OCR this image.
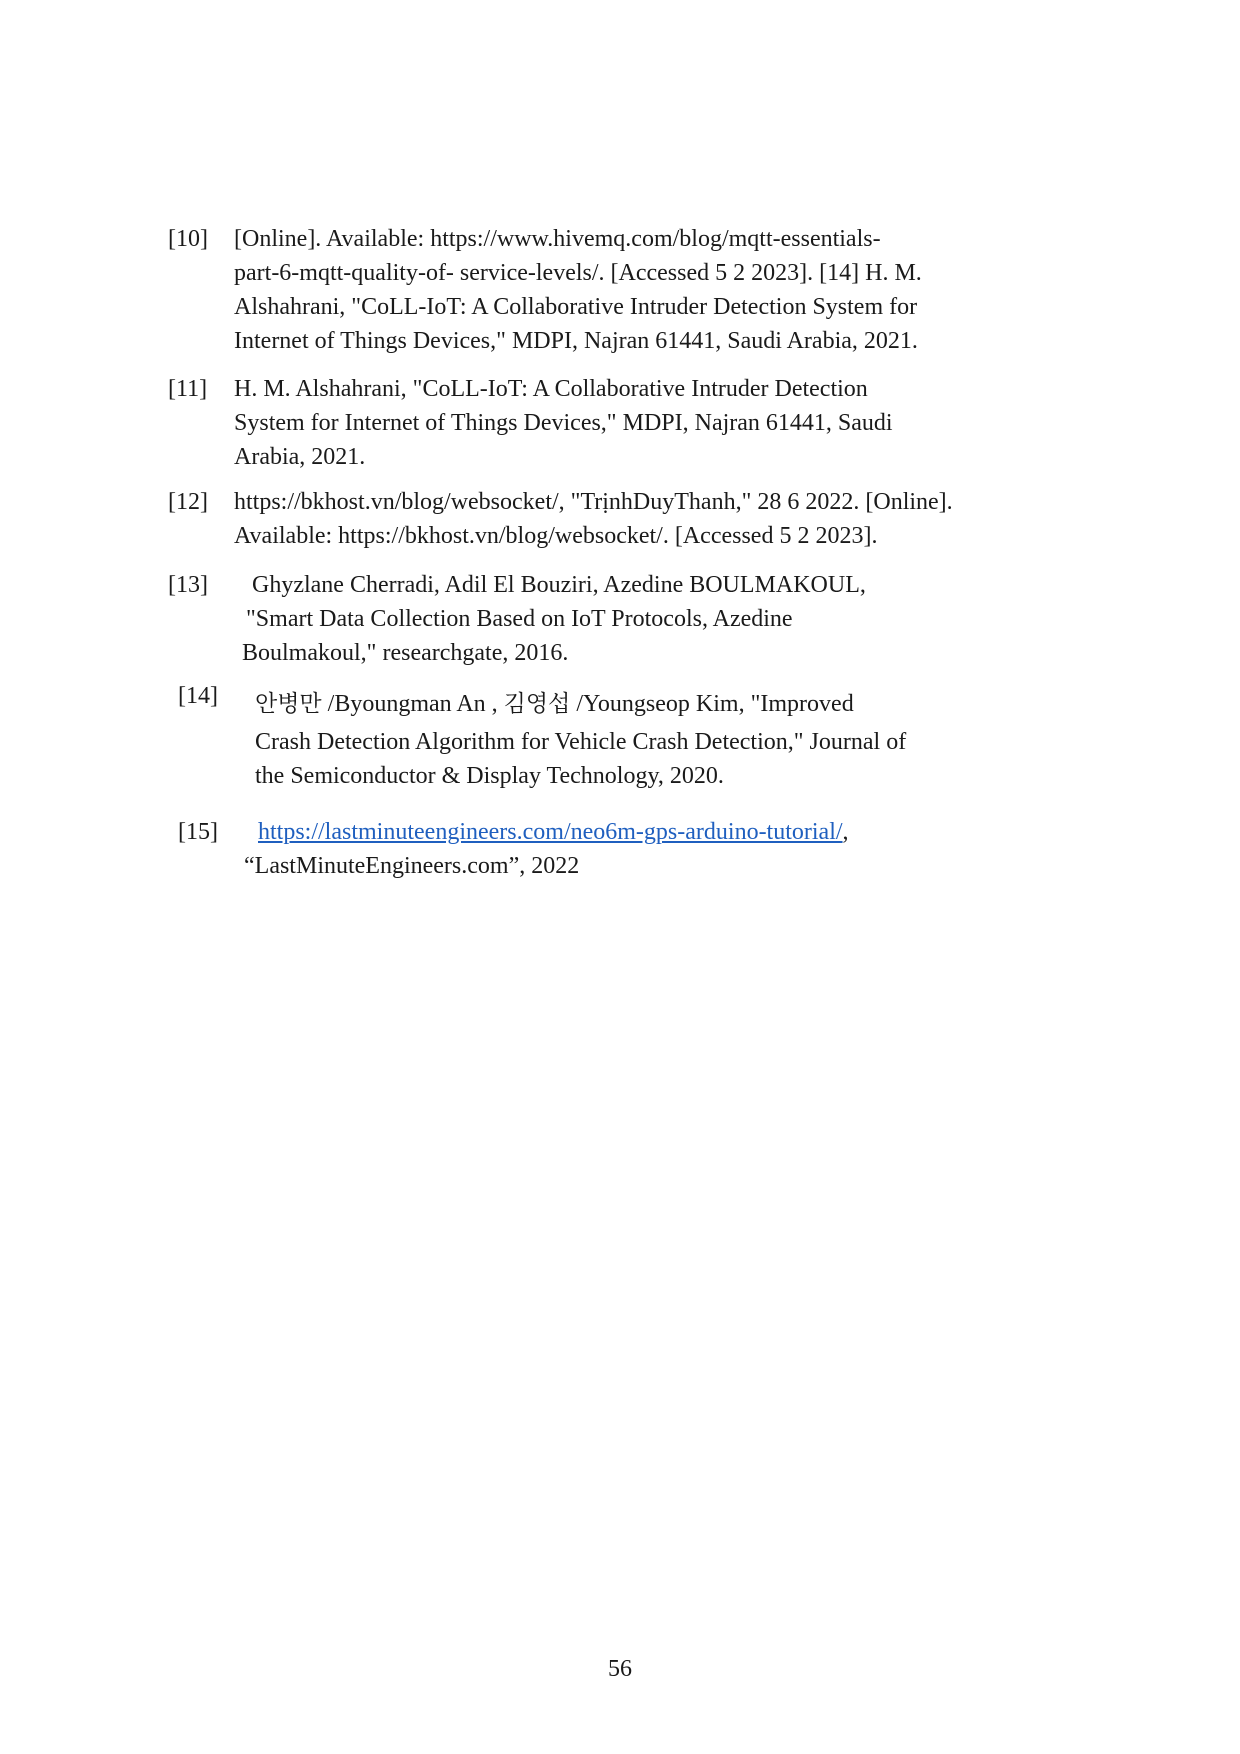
[10] [Online]. Available: https://www.hivemq.com/blog/mqtt-essentials-
part-6-mqtt-quality-of- service-levels/. [Accessed 5 2 2023]. [14] H. M.
Alshahrani, "CoLL-IoT: A Collaborative Intruder Detection System for
Internet of Things Devices," MDPI, Najran 61441, Saudi Arabia, 2021.
[11] H. M. Alshahrani, "CoLL-IoT: A Collaborative Intruder Detection
System for Internet of Things Devices," MDPI, Najran 61441, Saudi
Arabia, 2021.
[12] https://bkhost.vn/blog/websocket/, "TrịnhDuyThanh," 28 6 2022. [Online].
Available: https://bkhost.vn/blog/websocket/. [Accessed 5 2 2023].
[13]	Ghyzlane Cherradi, Adil El Bouziri, Azedine BOULMAKOUL,
"Smart Data Collection Based on IoT Protocols, Azedine
Boulmakoul," researchgate, 2016.
[14] 안병만 /Byoungman An , 김영섭 /Youngseop Kim, "Improved
Crash Detection Algorithm for Vehicle Crash Detection," Journal of
the Semiconductor & Display Technology, 2020.
[15] https://lastminuteengineers.com/neo6m-gps-arduino-tutorial/,
“LastMinuteEngineers.com”, 2022
56
